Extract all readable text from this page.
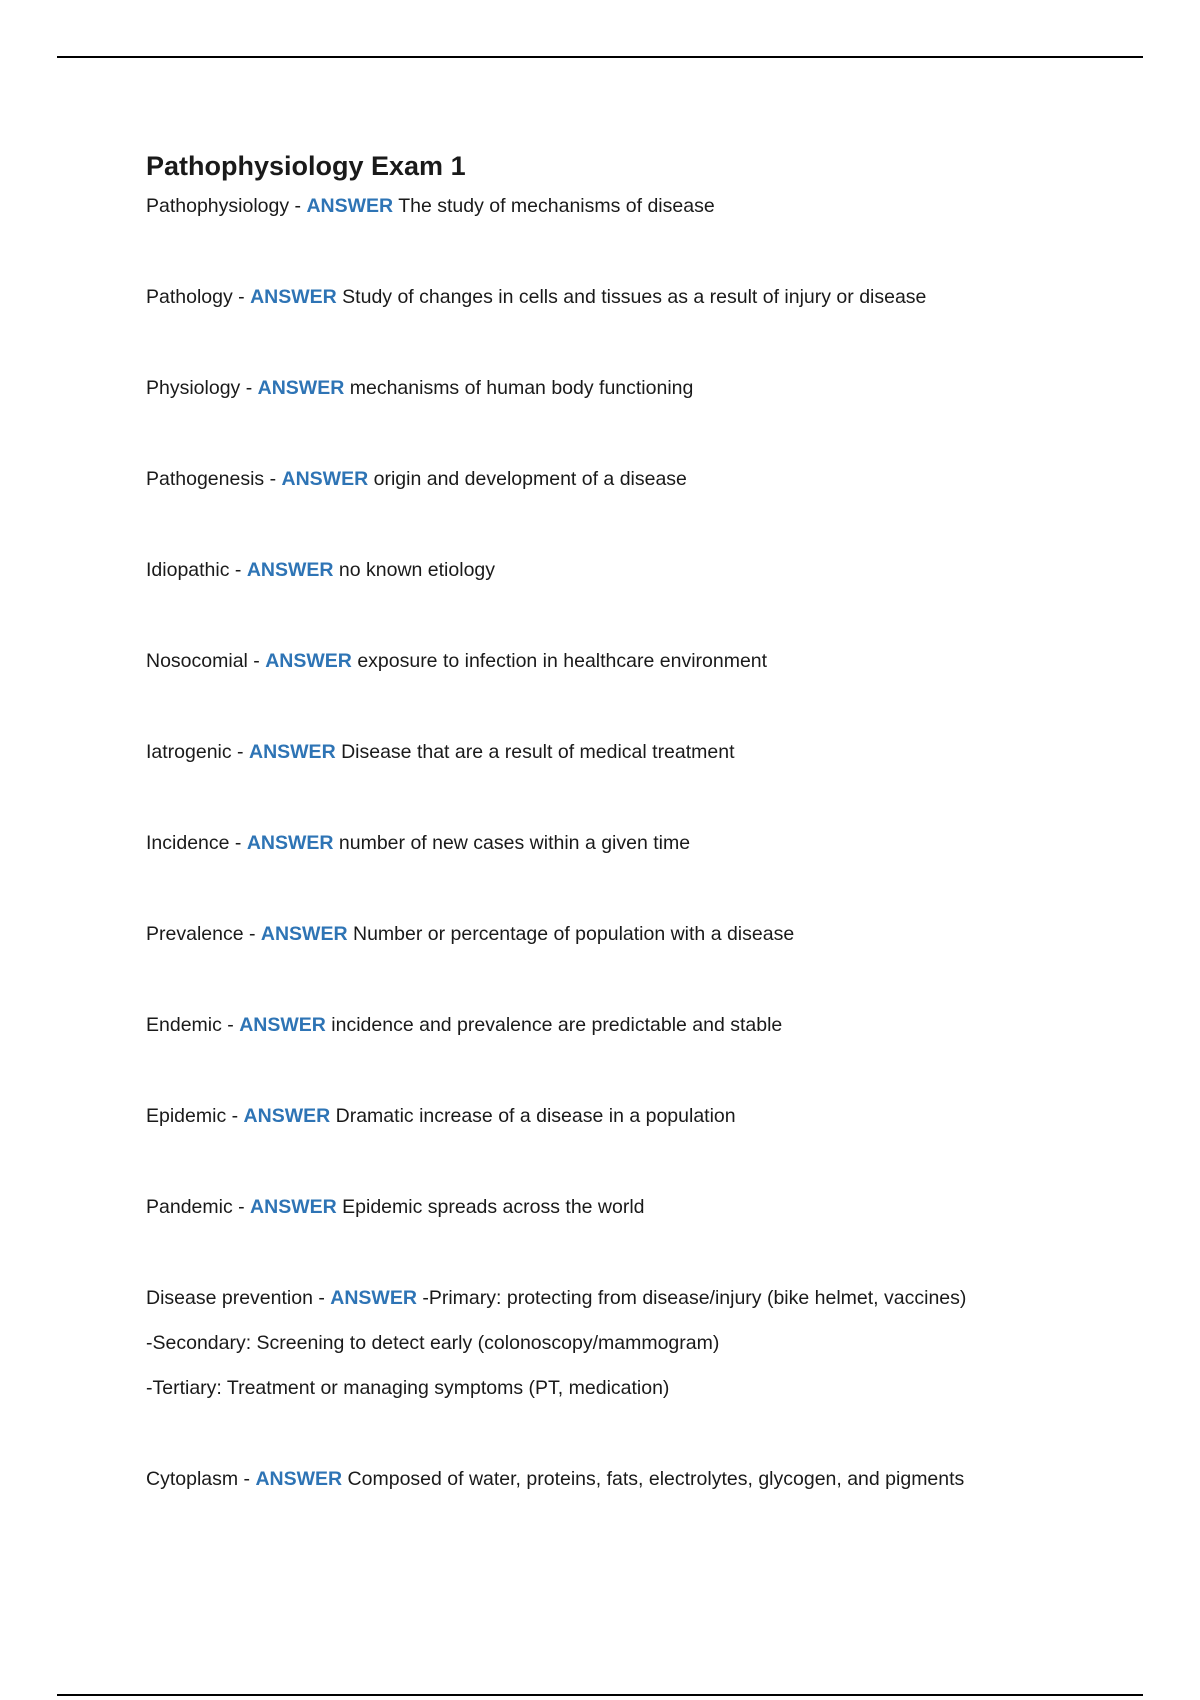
Pathophysiology Exam 1
Pathophysiology - ANSWER The study of mechanisms of disease
Pathology - ANSWER Study of changes in cells and tissues as a result of injury or disease
Physiology - ANSWER mechanisms of human body functioning
Pathogenesis - ANSWER origin and development of a disease
Idiopathic - ANSWER no known etiology
Nosocomial - ANSWER exposure to infection in healthcare environment
Iatrogenic - ANSWER Disease that are a result of medical treatment
Incidence - ANSWER number of new cases within a given time
Prevalence - ANSWER Number or percentage of population with a disease
Endemic - ANSWER incidence and prevalence are predictable and stable
Epidemic - ANSWER Dramatic increase of a disease in a population
Pandemic - ANSWER Epidemic spreads across the world
Disease prevention - ANSWER -Primary: protecting from disease/injury (bike helmet, vaccines)
-Secondary: Screening to detect early (colonoscopy/mammogram)
-Tertiary: Treatment or managing symptoms (PT, medication)
Cytoplasm - ANSWER Composed of water, proteins, fats, electrolytes, glycogen, and pigments
